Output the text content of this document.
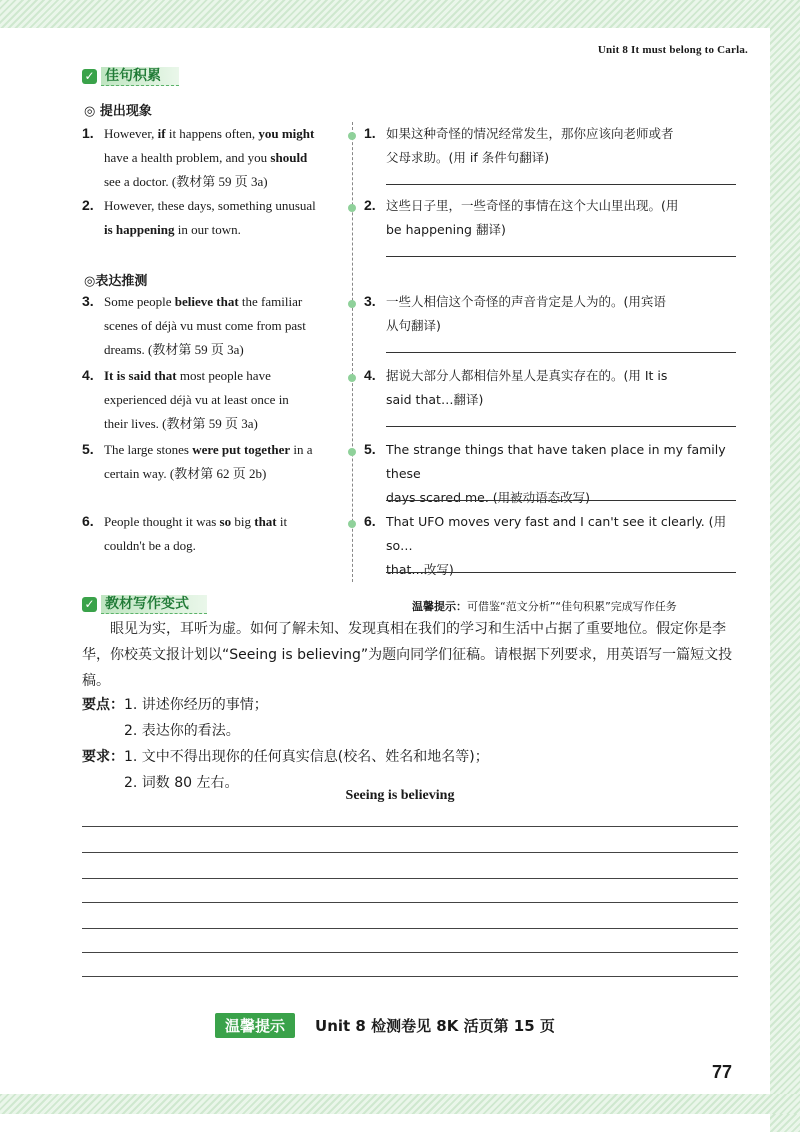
Unit 8 It must belong to Carla.
✓ 佳句积累
◎ 提出现象
◎表达推测
1. However, if it happens often, you might
have a health problem, and you should
see a doctor. (教材第 59 页 3a)
2. However, these days, something unusual
is happening in our town.
3. Some people believe that the familiar
scenes of déjà vu must come from past
dreams. (教材第 59 页 3a)
4. It is said that most people have
experienced déjà vu at least once in
their lives. (教材第 59 页 3a)
5. The large stones were put together in a
certain way. (教材第 62 页 2b)
6. People thought it was so big that it
couldn't be a dog.
1. 如果这种奇怪的情况经常发生，那你应该向老师或者
父母求助。(用 if 条件句翻译)
2. 这些日子里，一些奇怪的事情在这个大山里出现。(用
be happening 翻译)
3. 一些人相信这个奇怪的声音肯定是人为的。(用宾语
从句翻译)
4. 据说大部分人都相信外星人是真实存在的。(用 It is
said that…翻译)
5. The strange things that have taken place in my family these
days scared me. (用被动语态改写)
6. That UFO moves very fast and I can't see it clearly. (用 so…
that…改写)
✓ 教材写作变式	温馨提示：可借鉴“范文分析”“佳句积累”完成写作任务
眼见为实，耳听为虚。如何了解未知、发现真相在我们的学习和生活中占据了重要地位。假定你是李华，你校英文报计划以“Seeing is believing”为题向同学们征稿。请根据下列要求，用英语写一篇短文投稿。
要点：1. 讲述你经历的事情；
2. 表达你的看法。
要求：1. 文中不得出现你的任何真实信息(校名、姓名和地名等)；
2. 词数 80 左右。
Seeing is believing
温馨提示	Unit 8 检测卷见 8K 活页第 15 页
77
